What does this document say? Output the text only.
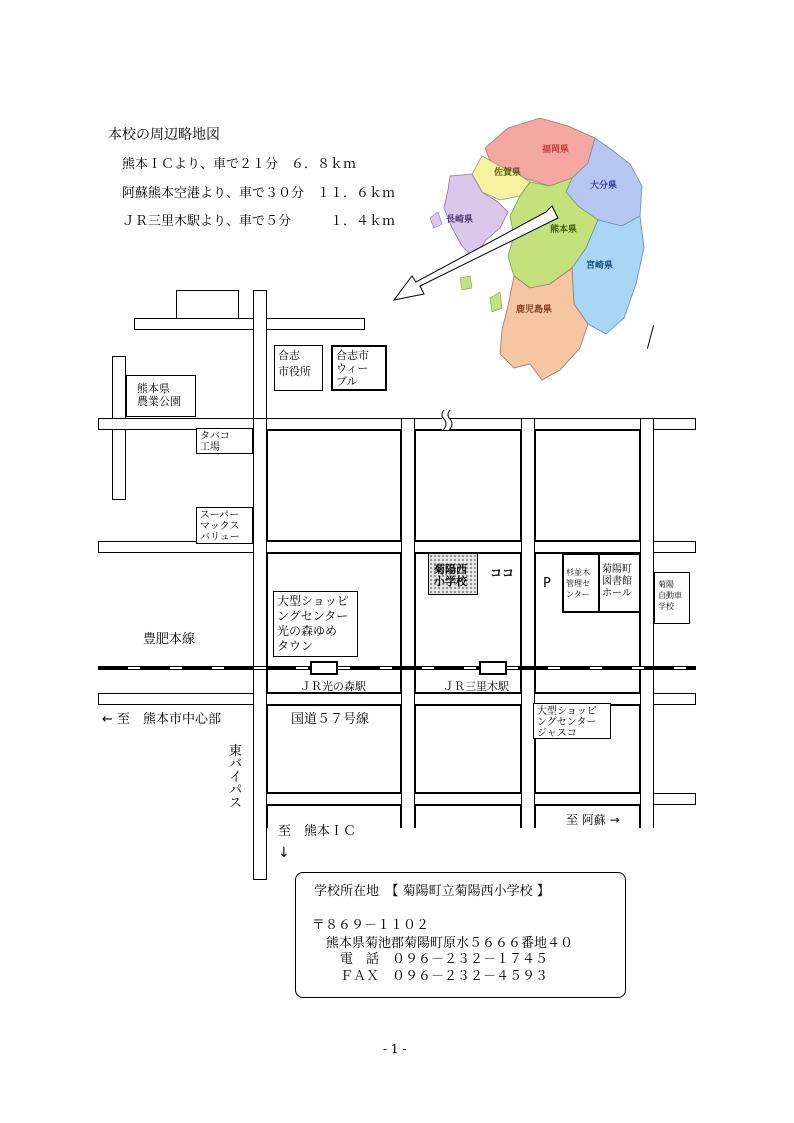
本校の周辺略地図
熊本ＩＣより、車で２１分　６．８ｋｍ
阿蘇熊本空港より、車で３０分　１１．６ｋｍ
ＪＲ三里木駅より、車で５分　　　１．４ｋｍ
福岡県
佐賀県
長崎県
大分県
熊本県
宮崎県
鹿児島県
合志
市役所
合志市
ウィー
ブル
熊本県
農業公園
タバコ
工場
スーパー
マックス
バリュー
菊陽西
小学校
ココ
P
杉並木
管理セ
ンター
菊陽町
図書館
ホール
菊陽
自動車
学校
大型ショッピ
ングセンター
光の森ゆめ
タウン
豊肥本線
ＪＲ光の森駅	ＪＲ三里木駅
← 至　熊本市中心部	国道５７号線
大型ショッピ
ングセンター
ジャスコ
東
バ
イ
パ
ス
至　熊本ＩＣ
↓
至 阿蘇 →
学校所在地　【 菊陽町立菊陽西小学校 】
〒８６９－１１０２
熊本県菊池郡菊陽町原水５６６６番地４０
電　話　０９６－２３２－１７４５
ＦＡＸ　０９６－２３２－４５９３
- 1 -
